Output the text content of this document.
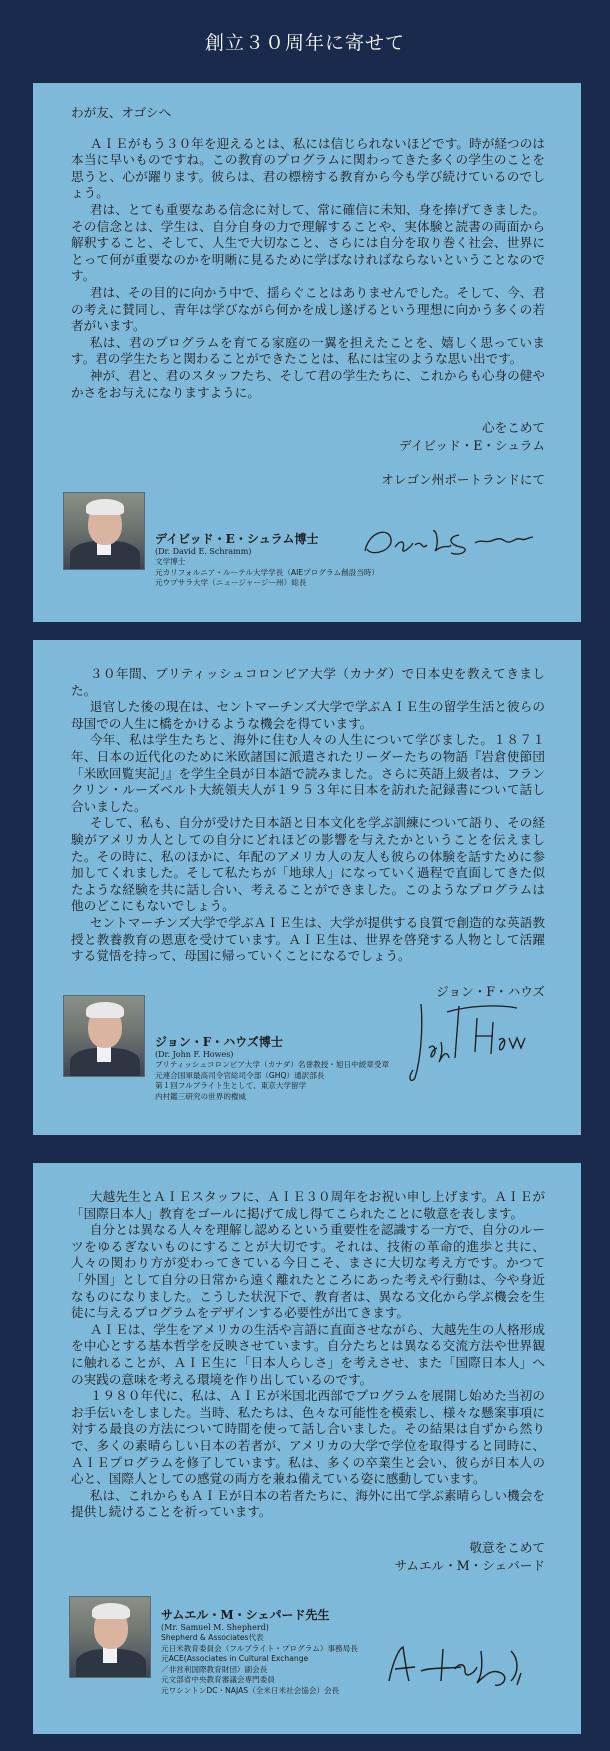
創立３０周年に寄せて

わが友、オゴシへ

ＡＩＥがもう３０年を迎えるとは、私には信じられないほどです。時が経つのは本当に早いものですね。この教育のプログラムに関わってきた多くの学生のことを思うと、心が躍ります。彼らは、君の標榜する教育から今も学び続けているのでしょう。

君は、とても重要なある信念に対して、常に確信に未知、身を捧げてきました。その信念とは、学生は、自分自身の力で理解することや、実体験と読書の両面から解釈すること、そして、人生で大切なこと、さらには自分を取り巻く社会、世界にとって何が重要なのかを明晰に見るために学ばなければならないということなのです。

君は、その目的に向かう中で、揺らぐことはありませんでした。そして、今、君の考えに賛同し、青年は学びながら何かを成し遂げるという理想に向かう多くの若者がいます。

私は、君のプログラムを育てる家庭の一翼を担えたことを、嬉しく思っています。君の学生たちと関わることができたことは、私には宝のような思い出です。

神が、君と、君のスタッフたち、そして君の学生たちに、これからも心身の健やかさをお与えになりますように。

心をこめて
デイビッド・E・シュラム
オレゴン州ポートランドにて
デイビッド・E・シュラム博士
(Dr. David E. Schramm)
文学博士
元カリフォルニア・ルーテル大学学長（AIEプログラム創設当時）
元ウプサラ大学（ニュージャージー州）総長

３０年間、ブリティッシュコロンビア大学（カナダ）で日本史を教えてきました。

退官した後の現在は、セントマーチンズ大学で学ぶＡＩＥ生の留学生活と彼らの母国での人生に橋をかけるような機会を得ています。

今年、私は学生たちと、海外に住む人々の人生について学びました。１８７１年、日本の近代化のために米欧諸国に派遣されたリーダーたちの物語『岩倉使節団「米欧回覧実記」』を学生全員が日本語で読みました。さらに英語上級者は、フランクリン・ルーズベルト大統領夫人が１９５３年に日本を訪れた記録書について話し合いました。

そして、私も、自分が受けた日本語と日本文化を学ぶ訓練について語り、その経験がアメリカ人としての自分にどれほどの影響を与えたかということを伝えました。その時に、私のほかに、年配のアメリカ人の友人も彼らの体験を話すために参加してくれました。そして私たちが「地球人」になっていく過程で直面してきた似たような経験を共に話し合い、考えることができました。このようなプログラムは他のどこにもないでしょう。

セントマーチンズ大学で学ぶＡＩＥ生は、大学が提供する良質で創造的な英語教授と教養教育の恩恵を受けています。ＡＩＥ生は、世界を啓発する人物として活躍する覚悟を持って、母国に帰っていくことになるでしょう。

ジョン・F・ハウズ
ジョン・F・ハウズ博士
(Dr. John F. Howes)
ブリティッシュコロンビア大学（カナダ）名誉教授・旭日中綬章受章
元連合国軍最高司令官総司令部（GHQ）通訳部長
第１回フルブライト生として、東京大学留学
内村鑑三研究の世界的権威

大越先生とＡＩＥスタッフに、ＡＩＥ３０周年をお祝い申し上げます。ＡＩＥが「国際日本人」教育をゴールに掲げて成し得てこられたことに敬意を表します。

自分とは異なる人々を理解し認めるという重要性を認識する一方で、自分のルーツをゆるぎないものにすることが大切です。それは、技術の革命的進歩と共に、人々の関わり方が変わってきている今日こそ、まさに大切な考え方です。かつて「外国」として自分の日常から遠く離れたところにあった考えや行動は、今や身近なものになりました。こうした状況下で、教育者は、異なる文化から学ぶ機会を生徒に与えるプログラムをデザインする必要性が出てきます。

ＡＩＥは、学生をアメリカの生活や言語に直面させながら、大越先生の人格形成を中心とする基本哲学を反映させています。自分たちとは異なる交流方法や世界観に触れることが、ＡＩＥ生に「日本人らしさ」を考えさせ、また「国際日本人」への実践の意味を考える環境を作り出しているのです。

１９８０年代に、私は、ＡＩＥが米国北西部でプログラムを展開し始めた当初のお手伝いをしました。当時、私たちは、色々な可能性を模索し、様々な懸案事項に対する最良の方法について時間を使って話し合いました。その結果は自ずから然りで、多くの素晴らしい日本の若者が、アメリカの大学で学位を取得すると同時に、ＡＩＥプログラムを修了しています。私は、多くの卒業生と会い、彼らが日本人の心と、国際人としての感覚の両方を兼ね備えている姿に感動しています。

私は、これからもＡＩＥが日本の若者たちに、海外に出て学ぶ素晴らしい機会を提供し続けることを祈っています。

敬意をこめて
サムエル・M・シェパード
サムエル・M・シェパード先生
(Mr. Samuel M. Shepherd)
Shepherd & Associates代表
元日米教育委員会（フルブライト・プログラム）事務局長
元ACE(Associates in Cultural Exchange
／非営利国際教育財団）副会長
元文部省中央教育審議会専門委員
元ワシントンDC・NAJAS（全米日米社会協会）会長
